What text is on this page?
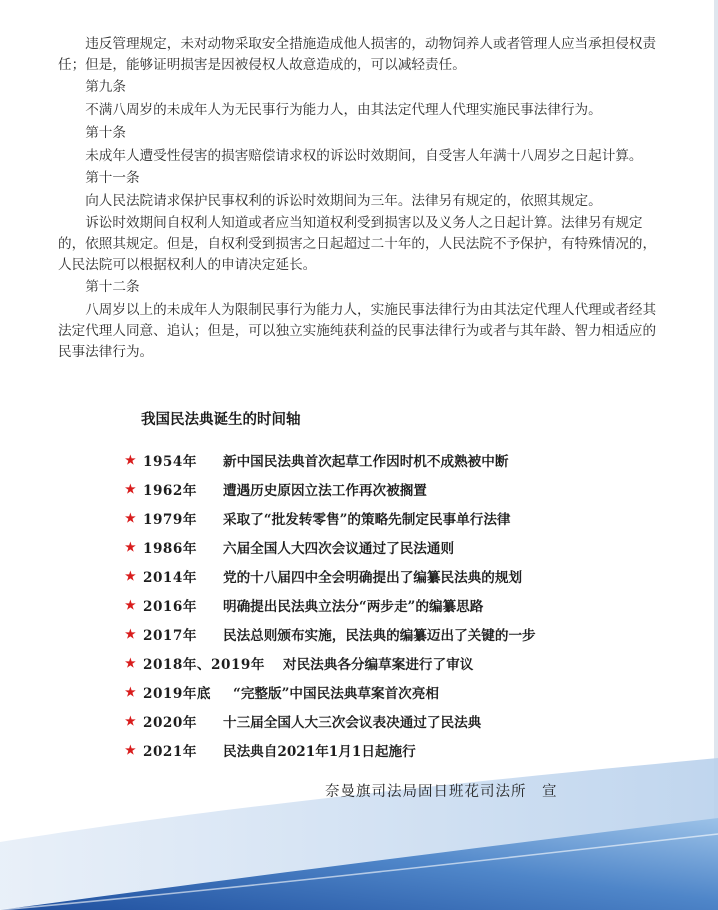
违反管理规定，未对动物采取安全措施造成他人损害的，动物饲养人或者管理人应当承担侵权责任；但是，能够证明损害是因被侵权人故意造成的，可以减轻责任。

第九条

不满八周岁的未成年人为无民事行为能力人，由其法定代理人代理实施民事法律行为。

第十条

未成年人遭受性侵害的损害赔偿请求权的诉讼时效期间，自受害人年满十八周岁之日起计算。

第十一条

向人民法院请求保护民事权利的诉讼时效期间为三年。法律另有规定的，依照其规定。

诉讼时效期间自权利人知道或者应当知道权利受到损害以及义务人之日起计算。法律另有规定的，依照其规定。但是，自权利受到损害之日起超过二十年的，人民法院不予保护，有特殊情况的，人民法院可以根据权利人的申请决定延长。

第十二条

八周岁以上的未成年人为限制民事行为能力人，实施民事法律行为由其法定代理人代理或者经其法定代理人同意、追认；但是，可以独立实施纯获利益的民事法律行为或者与其年龄、智力相适应的民事法律行为。

我国民法典诞生的时间轴
★ 1954年	新中国民法典首次起草工作因时机不成熟被中断
★ 1962年	遭遇历史原因立法工作再次被搁置
★ 1979年	采取了“批发转零售”的策略先制定民事单行法律
★ 1986年	六届全国人大四次会议通过了民法通则
★ 2014年	党的十八届四中全会明确提出了编纂民法典的规划
★ 2016年	明确提出民法典立法分“两步走”的编纂思路
★ 2017年	民法总则颁布实施，民法典的编纂迈出了关键的一步
★ 2018年、2019年	对民法典各分编草案进行了审议
★ 2019年底	“完整版”中国民法典草案首次亮相
★ 2020年	十三届全国人大三次会议表决通过了民法典
★ 2021年	民法典自2021年1月1日起施行
奈曼旗司法局固日班花司法所　宣
